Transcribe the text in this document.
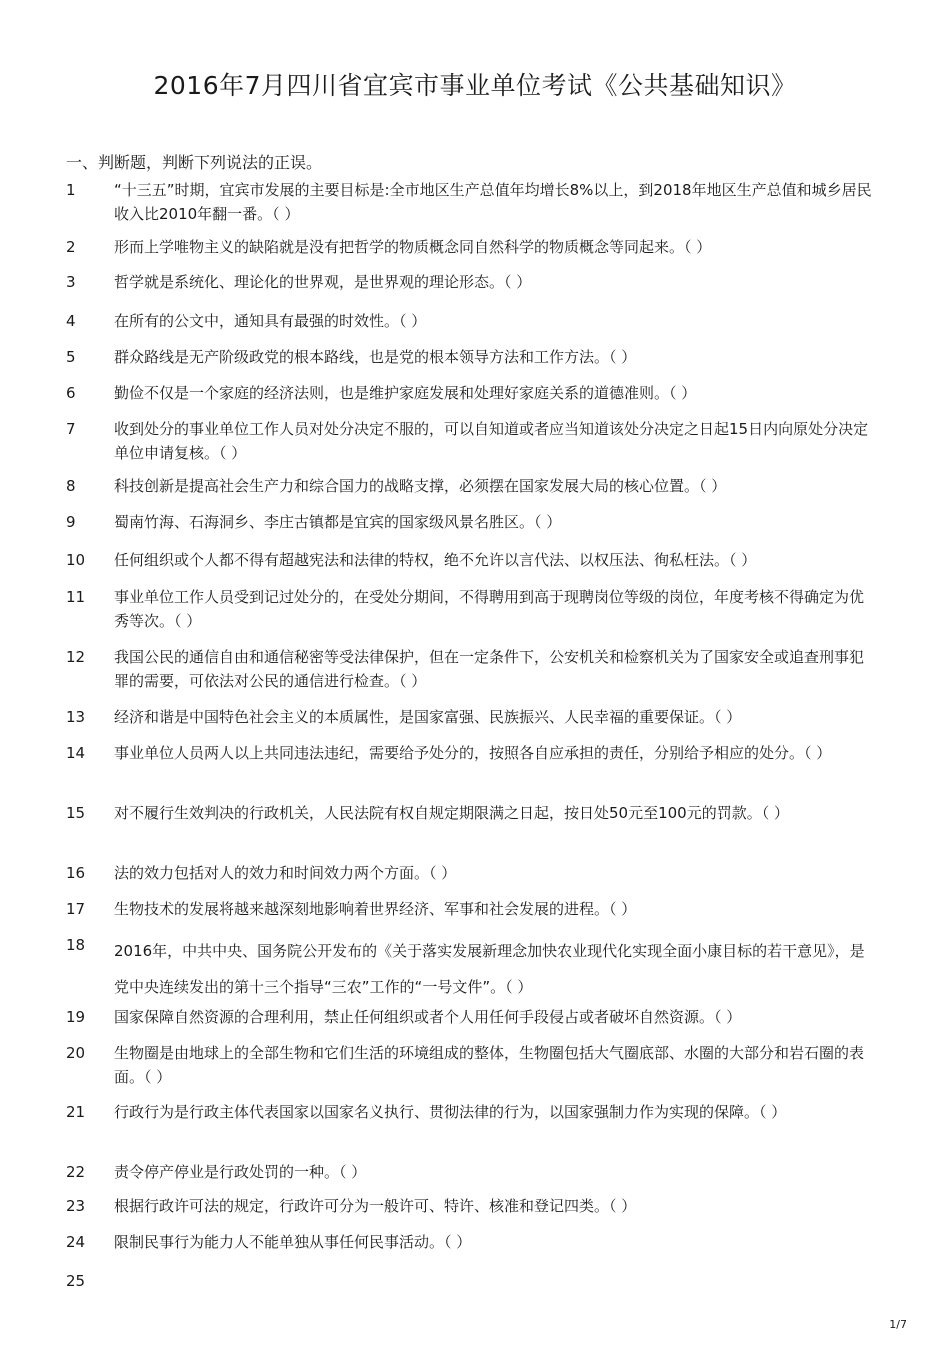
2016年7月四川省宜宾市事业单位考试《公共基础知识》
一、判断题，判断下列说法的正误。
1	“十三五”时期，宜宾市发展的主要目标是:全市地区生产总值年均增长8%以上，到2018年地区生产总值和城乡居民收入比2010年翻一番。（ ）
2	形而上学唯物主义的缺陷就是没有把哲学的物质概念同自然科学的物质概念等同起来。（ ）
3	哲学就是系统化、理论化的世界观，是世界观的理论形态。（ ）
4	在所有的公文中，通知具有最强的时效性。（ ）
5	群众路线是无产阶级政党的根本路线，也是党的根本领导方法和工作方法。（ ）
6	勤俭不仅是一个家庭的经济法则，也是维护家庭发展和处理好家庭关系的道德准则。（ ）
7	收到处分的事业单位工作人员对处分决定不服的，可以自知道或者应当知道该处分决定之日起15日内向原处分决定单位申请复核。（ ）
8	科技创新是提高社会生产力和综合国力的战略支撑，必须摆在国家发展大局的核心位置。（ ）
9	蜀南竹海、石海洞乡、李庄古镇都是宜宾的国家级风景名胜区。（ ）
10	任何组织或个人都不得有超越宪法和法律的特权，绝不允许以言代法、以权压法、徇私枉法。（ ）
11	事业单位工作人员受到记过处分的，在受处分期间，不得聘用到高于现聘岗位等级的岗位，年度考核不得确定为优秀等次。（ ）
12	我国公民的通信自由和通信秘密等受法律保护，但在一定条件下，公安机关和检察机关为了国家安全或追查刑事犯罪的需要，可依法对公民的通信进行检查。（ ）
13	经济和谐是中国特色社会主义的本质属性，是国家富强、民族振兴、人民幸福的重要保证。（ ）
14	事业单位人员两人以上共同违法违纪，需要给予处分的，按照各自应承担的责任，分别给予相应的处分。（ ）
15	对不履行生效判决的行政机关，人民法院有权自规定期限满之日起，按日处50元至100元的罚款。（ ）
16	法的效力包括对人的效力和时间效力两个方面。（ ）
17	生物技术的发展将越来越深刻地影响着世界经济、军事和社会发展的进程。（ ）
18	2016年，中共中央、国务院公开发布的《关于落实发展新理念加快农业现代化实现全面小康目标的若干意见》，是党中央连续发出的第十三个指导“三农”工作的“一号文件”。（ ）
19	国家保障自然资源的合理利用，禁止任何组织或者个人用任何手段侵占或者破坏自然资源。（ ）
20	生物圈是由地球上的全部生物和它们生活的环境组成的整体，生物圈包括大气圈底部、水圈的大部分和岩石圈的表面。（ ）
21	行政行为是行政主体代表国家以国家名义执行、贯彻法律的行为，以国家强制力作为实现的保障。（ ）
22	责令停产停业是行政处罚的一种。（ ）
23	根据行政许可法的规定，行政许可分为一般许可、特许、核准和登记四类。（ ）
24	限制民事行为能力人不能单独从事任何民事活动。（ ）
25
1/7
